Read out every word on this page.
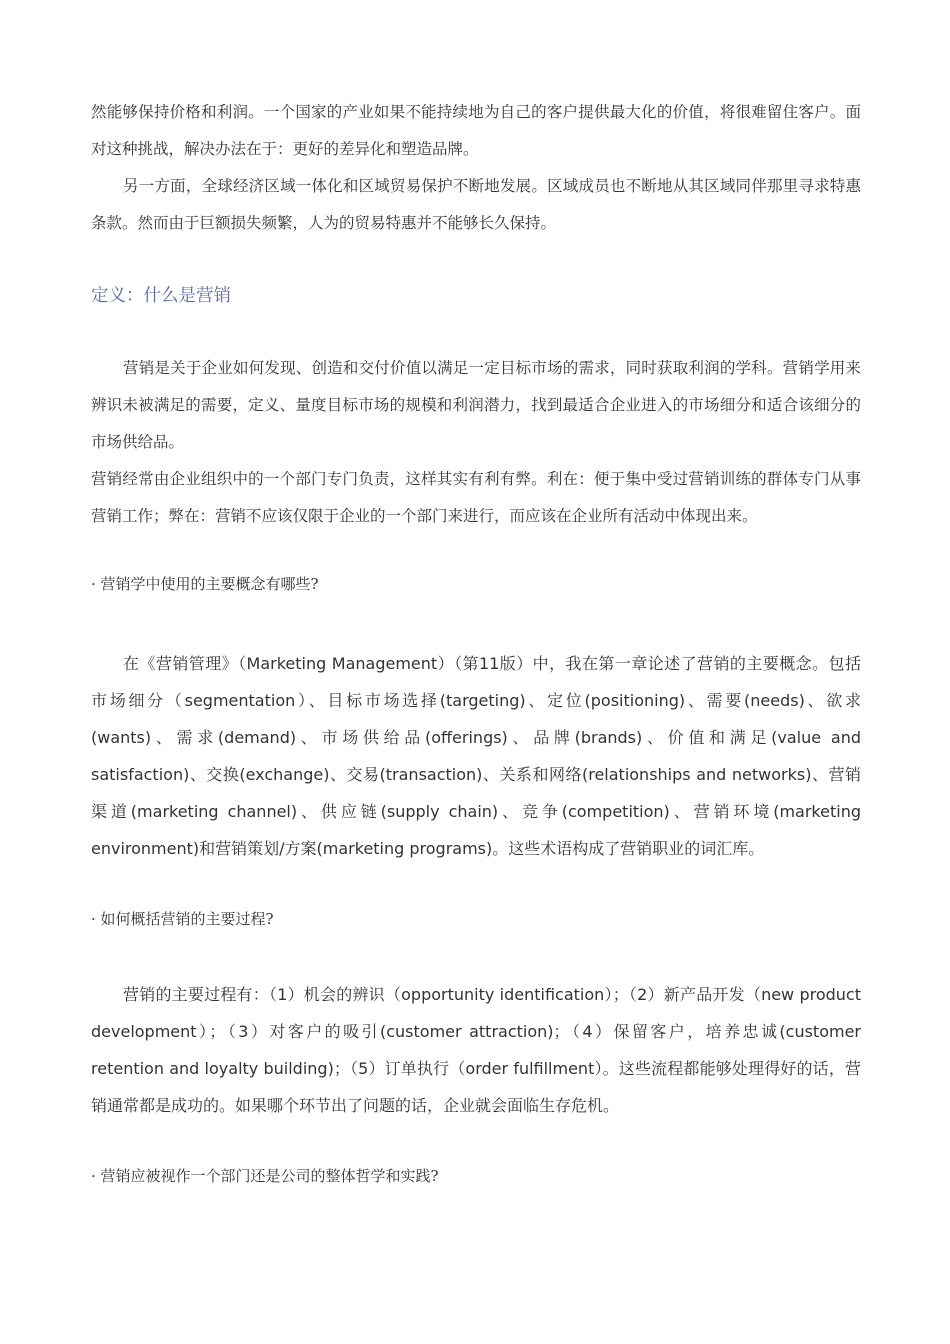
然能够保持价格和利润。一个国家的产业如果不能持续地为自己的客户提供最大化的价值，将很难留住客户。面对这种挑战，解决办法在于：更好的差异化和塑造品牌。

另一方面，全球经济区域一体化和区域贸易保护不断地发展。区域成员也不断地从其区域同伴那里寻求特惠条款。然而由于巨额损失频繁，人为的贸易特惠并不能够长久保持。

定义：什么是营销

营销是关于企业如何发现、创造和交付价值以满足一定目标市场的需求，同时获取利润的学科。营销学用来辨识未被满足的需要，定义、量度目标市场的规模和利润潜力，找到最适合企业进入的市场细分和适合该细分的市场供给品。

营销经常由企业组织中的一个部门专门负责，这样其实有利有弊。利在：便于集中受过营销训练的群体专门从事营销工作；弊在：营销不应该仅限于企业的一个部门来进行，而应该在企业所有活动中体现出来。

· 营销学中使用的主要概念有哪些?

在《营销管理》（Marketing Management）（第11版）中，我在第一章论述了营销的主要概念。包括市场细分（segmentation）、目标市场选择(targeting)、定位(positioning)、需要(needs)、欲求(wants)、需求(demand)、市场供给品(offerings)、品牌(brands)、价值和满足(value and satisfaction)、交换(exchange)、交易(transaction)、关系和网络(relationships and networks)、营销渠道(marketing channel)、供应链(supply chain)、竞争(competition)、营销环境(marketing environment)和营销策划/方案(marketing programs)。这些术语构成了营销职业的词汇库。

· 如何概括营销的主要过程?

营销的主要过程有：（1）机会的辨识（opportunity identification）；（2）新产品开发（new product development）；（3）对客户的吸引(customer attraction)；（4）保留客户，培养忠诚(customer retention and loyalty building)；（5）订单执行（order fulfillment）。这些流程都能够处理得好的话，营销通常都是成功的。如果哪个环节出了问题的话，企业就会面临生存危机。

· 营销应被视作一个部门还是公司的整体哲学和实践?
